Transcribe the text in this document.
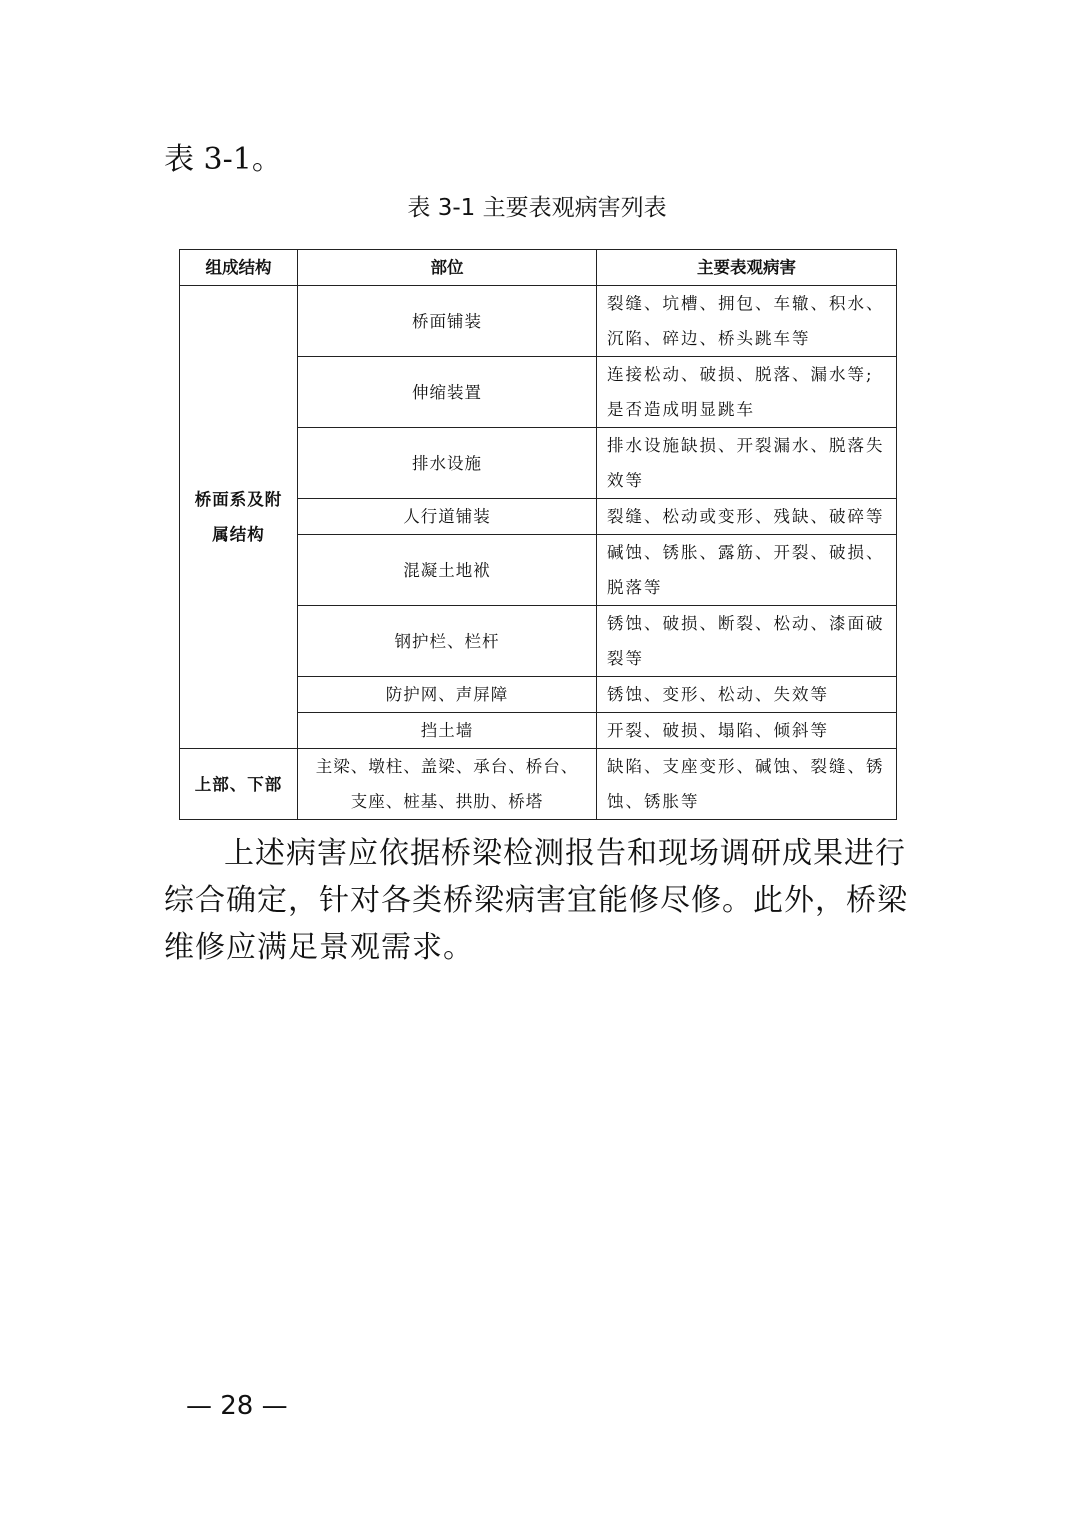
表 3-1。
表 3-1 主要表观病害列表
组成结构	部位	主要表观病害
桥面系及附属结构	桥面铺装	裂缝、坑槽、拥包、车辙、积水、沉陷、碎边、桥头跳车等
	伸缩装置	连接松动、破损、脱落、漏水等;是否造成明显跳车
	排水设施	排水设施缺损、开裂漏水、脱落失效等
	人行道铺装	裂缝、松动或变形、残缺、破碎等
	混凝土地袱	碱蚀、锈胀、露筋、开裂、破损、脱落等
	钢护栏、栏杆	锈蚀、破损、断裂、松动、漆面破裂等
	防护网、声屏障	锈蚀、变形、松动、失效等
	挡土墙	开裂、破损、塌陷、倾斜等
上部、下部	主梁、墩柱、盖梁、承台、桥台、支座、桩基、拱肋、桥塔	缺陷、支座变形、碱蚀、裂缝、锈蚀、锈胀等
上述病害应依据桥梁检测报告和现场调研成果进行综合确定，针对各类桥梁病害宜能修尽修。此外，桥梁维修应满足景观需求。
— 28 —
